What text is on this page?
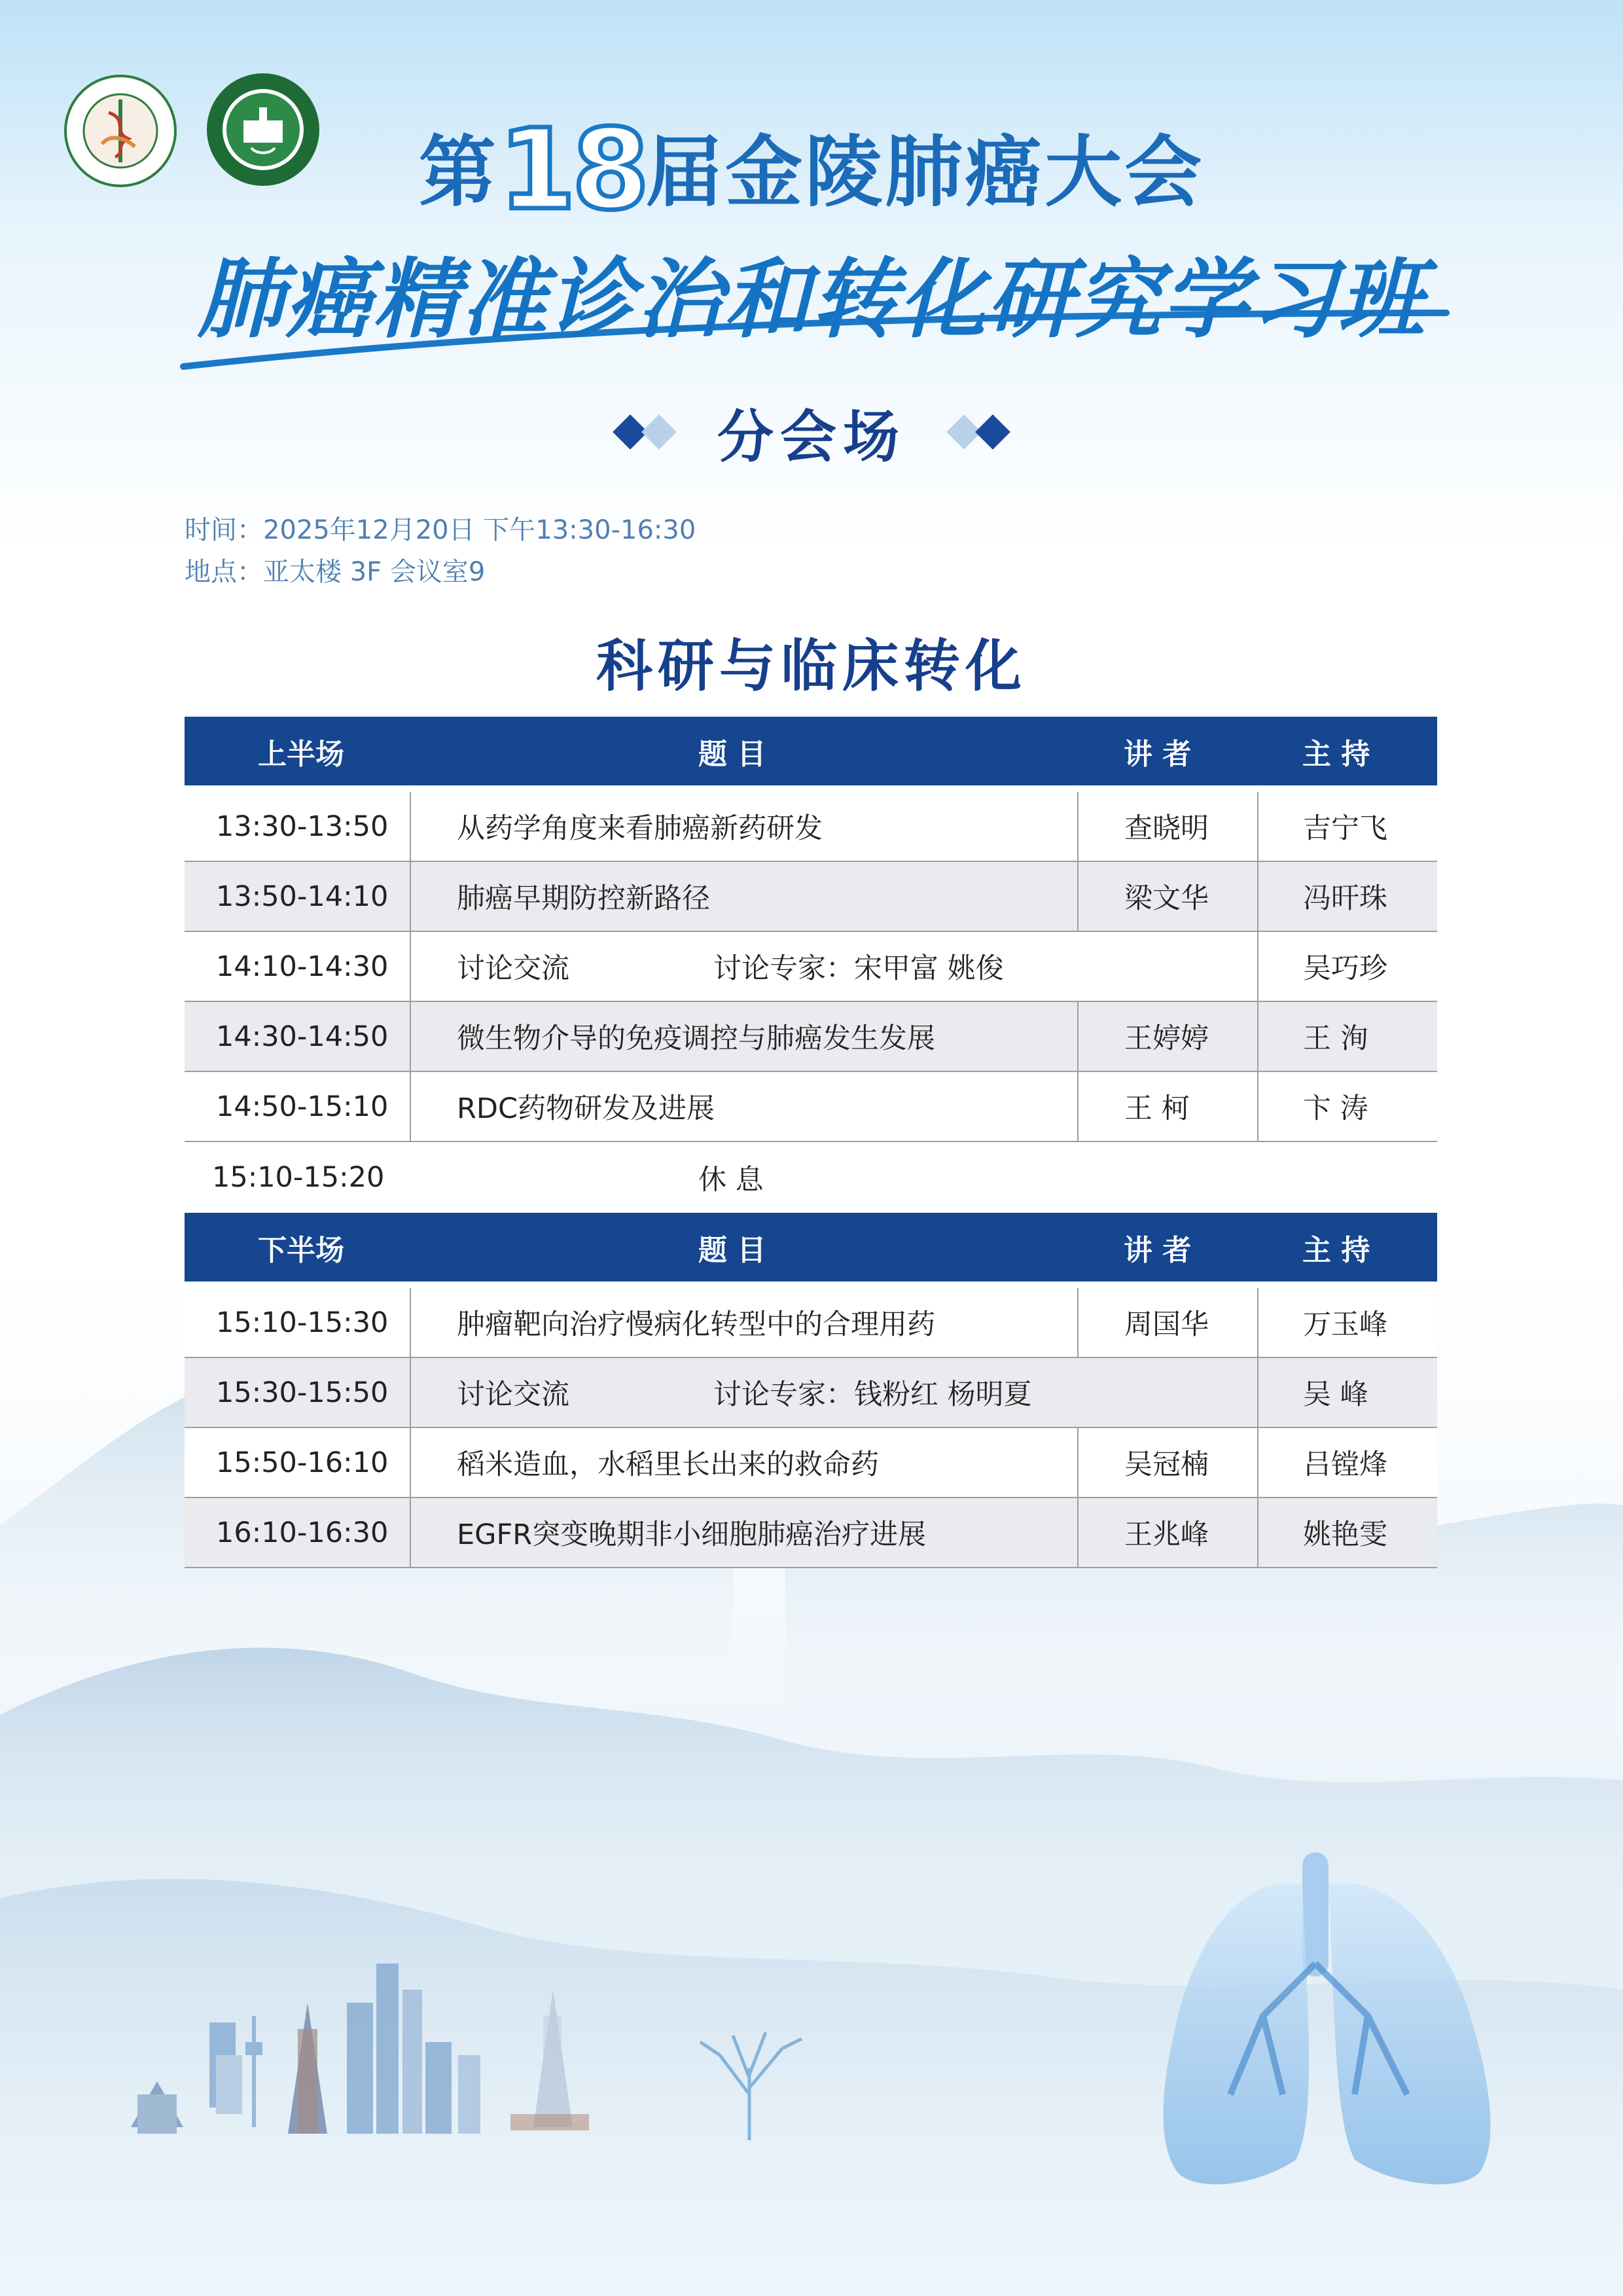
第18届金陵肺癌大会
肺癌精准诊治和转化研究学习班
分会场
时间：2025年12月20日 下午13:30-16:30
地点：亚太楼 3F 会议室9
科研与临床转化
上半场	题 目	讲 者	主 持

13:30-13:50	从药学角度来看肺癌新药研发	查晓明	吉宁飞
13:50-14:10	肺癌早期防控新路径	梁文华	冯旰珠
14:10-14:30	讨论交流 讨论专家：宋甲富 姚俊		吴巧珍
14:30-14:50	微生物介导的免疫调控与肺癌发生发展	王婷婷	王 洵
14:50-15:10	RDC药物研发及进展	王 柯	卞 涛
15:10-15:20	休 息		
下半场	题 目	讲 者	主 持

15:10-15:30	肿瘤靶向治疗慢病化转型中的合理用药	周国华	万玉峰
15:30-15:50	讨论交流 讨论专家：钱粉红 杨明夏		吴 峰
15:50-16:10	稻米造血，水稻里长出来的救命药	吴冠楠	吕镗烽
16:10-16:30	EGFR突变晚期非小细胞肺癌治疗进展	王兆峰	姚艳雯
